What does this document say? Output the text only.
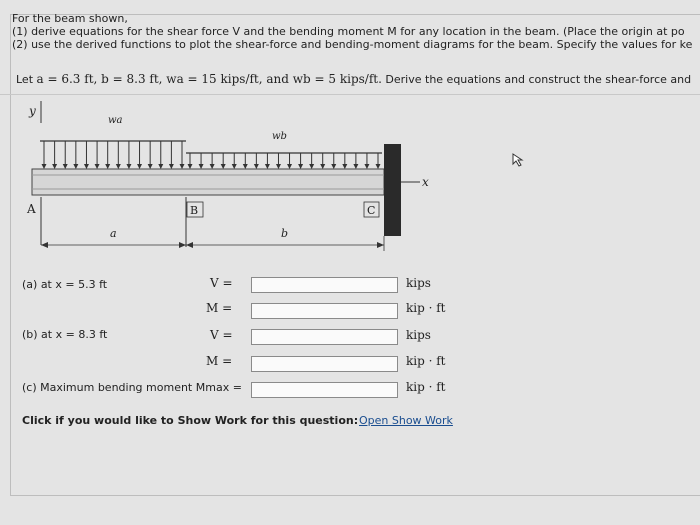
For the beam shown,
(1) derive equations for the shear force V and the bending moment M for any location in the beam. (Place the origin at po
(2) use the derived functions to plot the shear-force and bending-moment diagrams for the beam. Specify the values for ke
Let a = 6.3 ft, b = 8.3 ft, wa = 15 kips/ft, and wb = 5 kips/ft. Derive the equations and construct the shear-force and
y
wa
wb
x
A	B	C
a	b
(a) at x = 5.3 ft	V =	kips
M =	kip · ft
(b) at x = 8.3 ft	V =	kips
M =	kip · ft
(c) Maximum bending moment Mmax =	kip · ft
Click if you would like to Show Work for this question: Open Show Work
